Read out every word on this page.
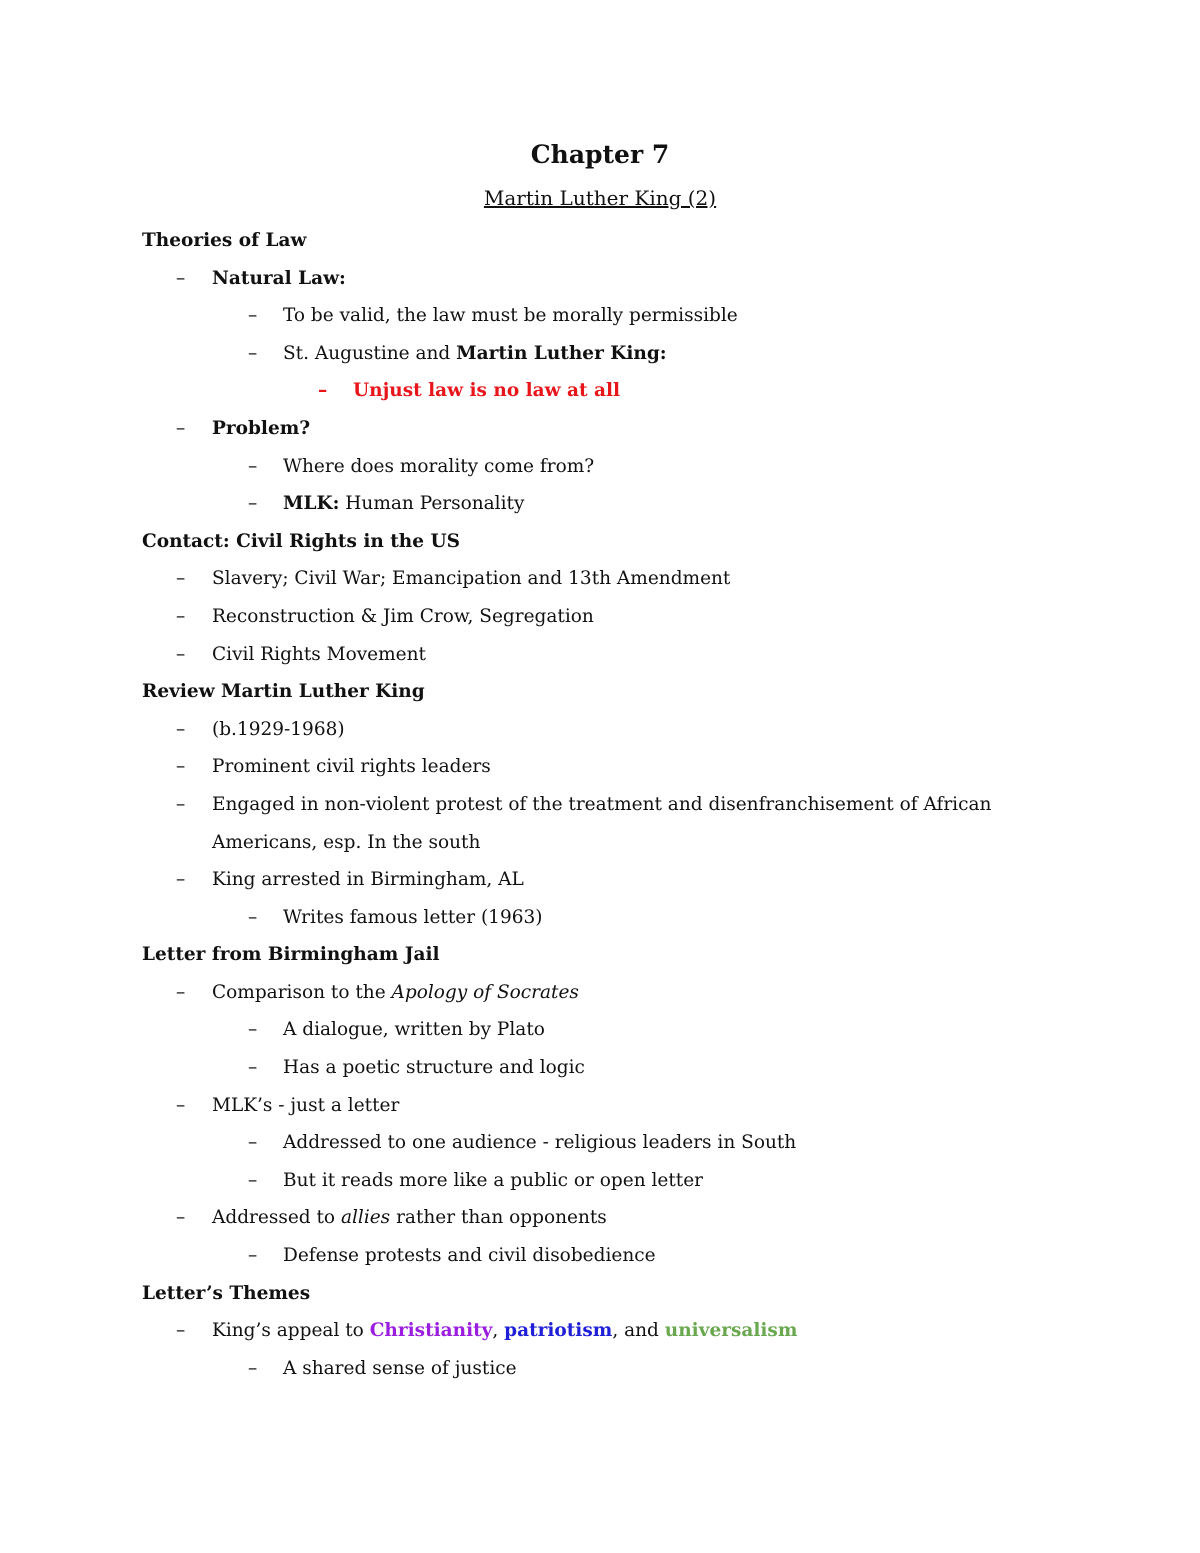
Chapter 7
Martin Luther King (2)
Theories of Law
– Natural Law:
– To be valid, the law must be morally permissible
– St. Augustine and Martin Luther King:
– Unjust law is no law at all
– Problem?
– Where does morality come from?
– MLK: Human Personality
Contact: Civil Rights in the US
– Slavery; Civil War; Emancipation and 13th Amendment
– Reconstruction & Jim Crow, Segregation
– Civil Rights Movement
Review Martin Luther King
– (b.1929-1968)
– Prominent civil rights leaders
– Engaged in non-violent protest of the treatment and disenfranchisement of African
Americans, esp. In the south
– King arrested in Birmingham, AL
– Writes famous letter (1963)
Letter from Birmingham Jail
– Comparison to the Apology of Socrates
– A dialogue, written by Plato
– Has a poetic structure and logic
– MLK’s - just a letter
– Addressed to one audience - religious leaders in South
– But it reads more like a public or open letter
– Addressed to allies rather than opponents
– Defense protests and civil disobedience
Letter’s Themes
– King’s appeal to Christianity, patriotism, and universalism
– A shared sense of justice
